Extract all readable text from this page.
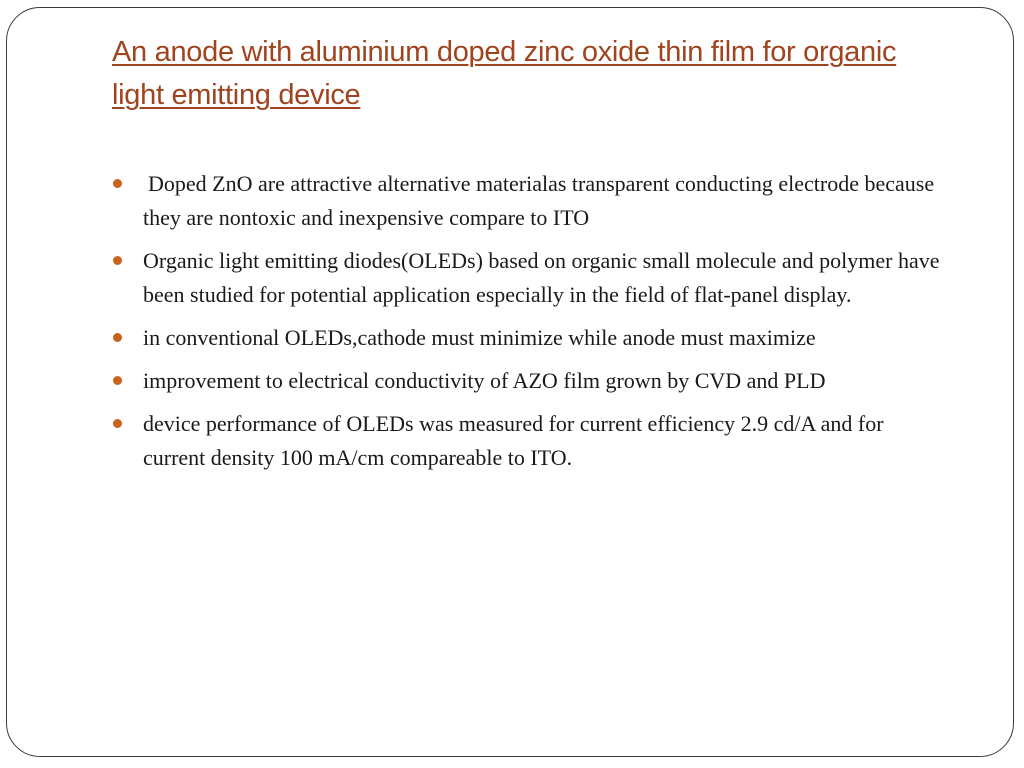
An anode with aluminium doped zinc oxide thin film for organic light emitting device
Doped ZnO are attractive alternative materialas transparent conducting electrode because they are nontoxic and inexpensive compare to ITO
Organic light emitting diodes(OLEDs) based on organic small molecule and polymer have been studied for potential application especially in the field of flat-panel display.
in conventional OLEDs,cathode must minimize while anode must maximize
improvement to electrical conductivity of AZO film grown by CVD and PLD
device performance of OLEDs was measured for current efficiency 2.9 cd/A and for current density 100 mA/cm compareable to ITO.
